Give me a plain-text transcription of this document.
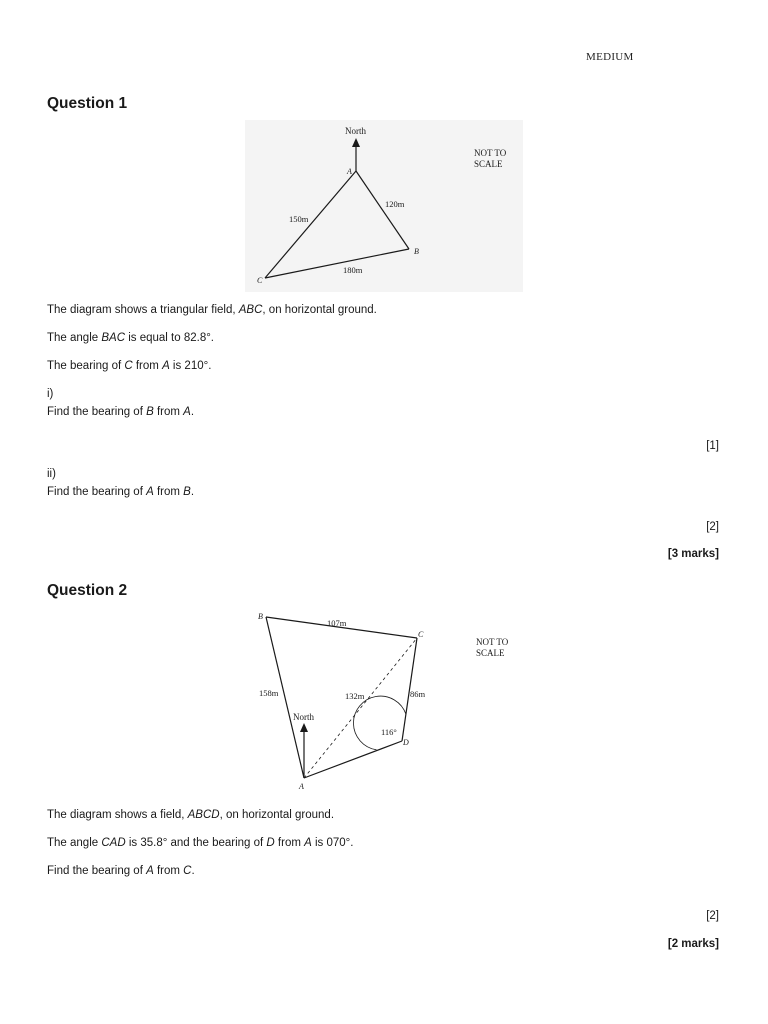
MEDIUM
Question 1
North
A
B
C
150m
120m
180m
NOT TO
SCALE
The diagram shows a triangular field, ABC, on horizontal ground.
The angle BAC is equal to 82.8°.
The bearing of C from A is 210°.
i)
Find the bearing of B from A.
[1]
ii)
Find the bearing of A from B.
[2]
[3 marks]
Question 2
North
B
C
D
A
107m
158m	132m	86m
116°
NOT TO
SCALE
The diagram shows a field, ABCD, on horizontal ground.
The angle CAD is 35.8° and the bearing of D from A is 070°.
Find the bearing of A from C.
[2]
[2 marks]
